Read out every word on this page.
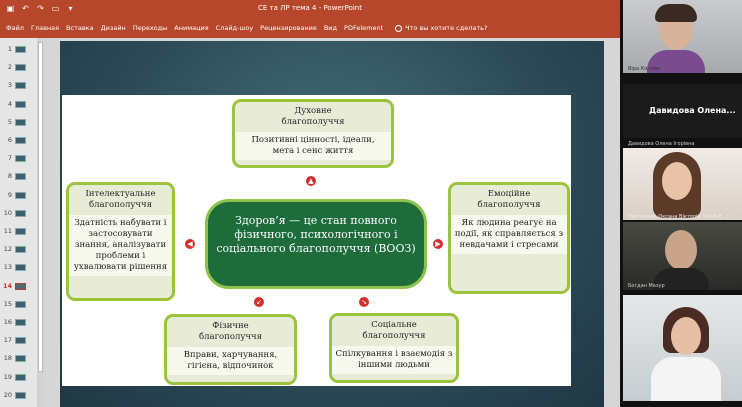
▣ ↶ ↷ ▭	▾	СЕ та ЛР тема 4 - PowerPoint
Файл Главная Вставка Дизайн Переходы Анимация Слайд-шоу Рецензирование Вид PDFelement	Что вы хотите сделать?
1
2
3
4
5
6
7
8
9
10
11
12
13
14
15
16
17
18
19
20
Духовне благополуччя
Позитивні цінності, ідеали, мета і сенс життя
Інтелектуальне благополуччя
Здатність набувати і застосовувати знання, аналізувати проблеми і ухвалювати рішення
Здоров’я — це стан повного фізичного, психологічного і соціального благополуччя (ВООЗ)
Емоційне благополуччя
Як людина реагує на події, як справляється з невдачами і стресами
Фізичне благополуччя
Вправи, харчування, гігієна, відпочинок
Соціальне благополуччя
Спілкування і взаємодія з іншими людьми
▲
◀	▶
↙	↘
Віра Костюк
Давидова Олена...
Давидова Олена Ігорівна
Прилуцька Оксана Вікторів (Ол.Буб...)
Богдан Мазур
